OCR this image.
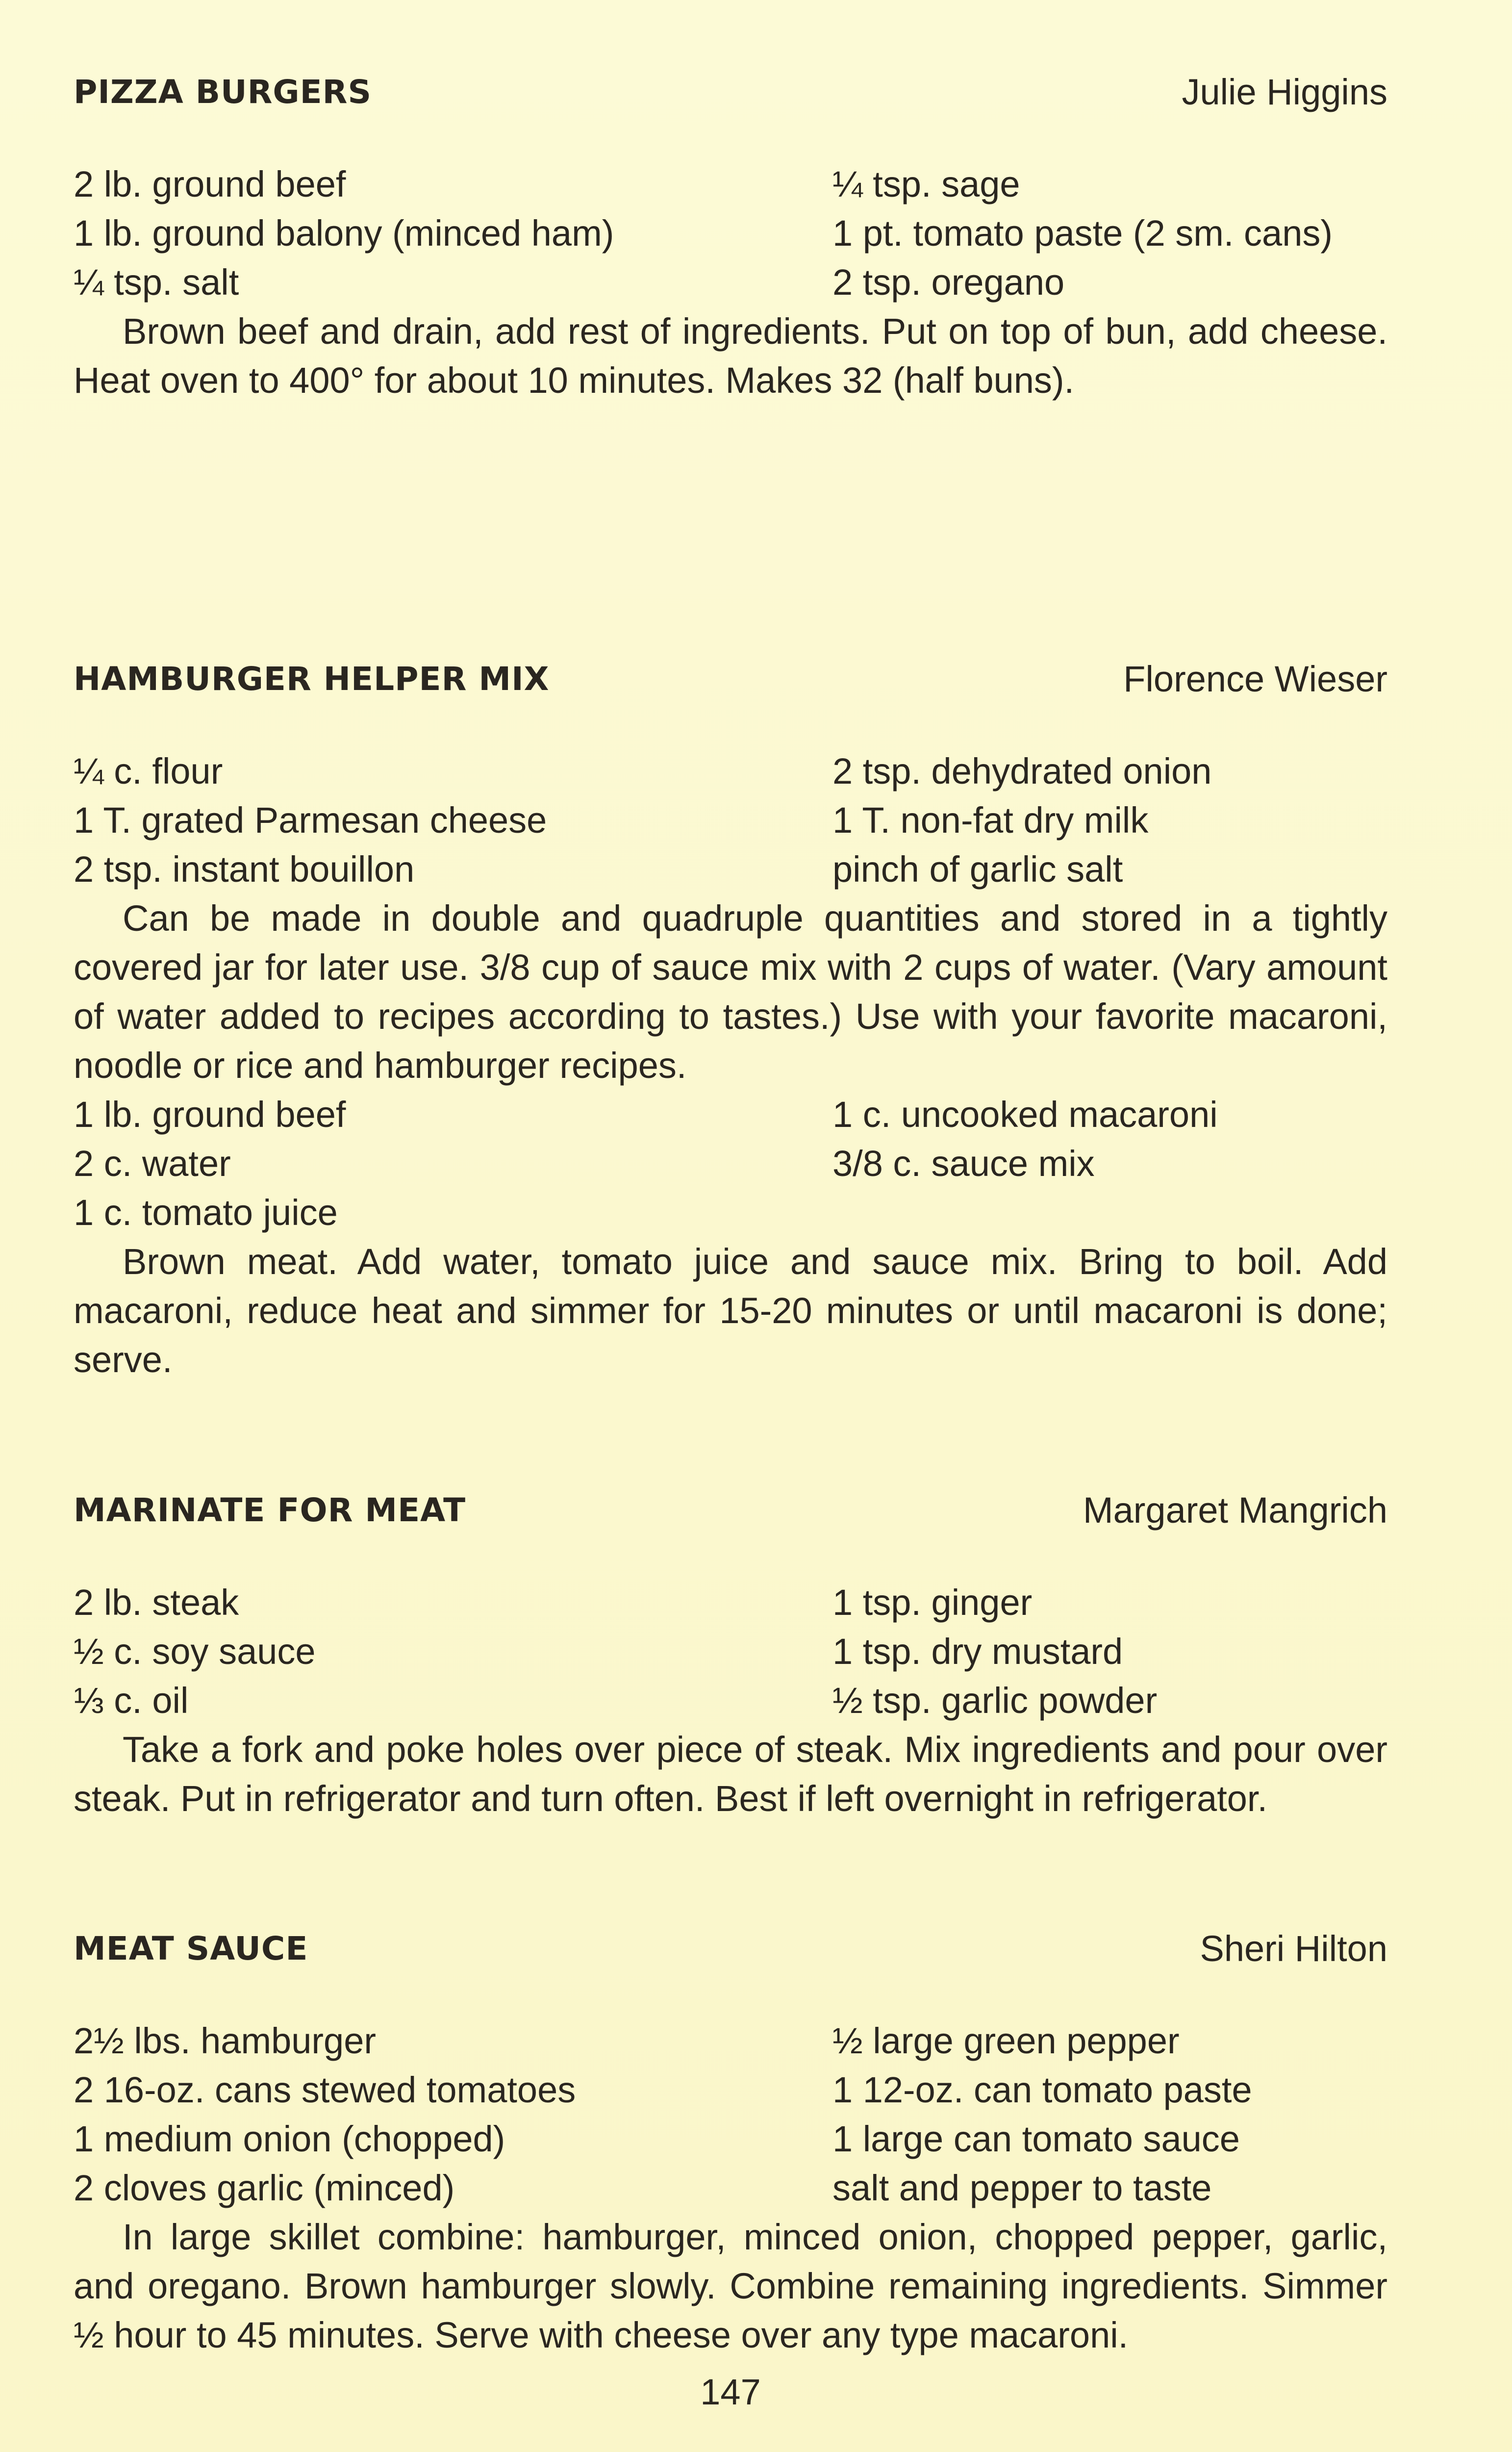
PIZZA BURGERS	Julie Higgins
2 lb. ground beef	¼ tsp. sage
1 lb. ground balony (minced ham)	1 pt. tomato paste (2 sm. cans)
¼ tsp. salt	2 tsp. oregano

Brown beef and drain, add rest of ingredients. Put on top of bun, add cheese. Heat oven to 400° for about 10 minutes. Makes 32 (half buns).

HAMBURGER HELPER MIX	Florence Wieser
¼ c. flour	2 tsp. dehydrated onion
1 T. grated Parmesan cheese	1 T. non-fat dry milk
2 tsp. instant bouillon	pinch of garlic salt

Can be made in double and quadruple quantities and stored in a tightly covered jar for later use. 3/8 cup of sauce mix with 2 cups of water. (Vary amount of water added to recipes according to tastes.) Use with your favorite macaroni, noodle or rice and hamburger recipes.

1 lb. ground beef	1 c. uncooked macaroni
2 c. water	3/8 c. sauce mix
1 c. tomato juice

Brown meat. Add water, tomato juice and sauce mix. Bring to boil. Add macaroni, reduce heat and simmer for 15-20 minutes or until macaroni is done; serve.

MARINATE FOR MEAT	Margaret Mangrich
2 lb. steak	1 tsp. ginger
½ c. soy sauce	1 tsp. dry mustard
⅓ c. oil	½ tsp. garlic powder

Take a fork and poke holes over piece of steak. Mix ingredients and pour over steak. Put in refrigerator and turn often. Best if left overnight in refrigerator.

MEAT SAUCE	Sheri Hilton
2½ lbs. hamburger	½ large green pepper
2 16-oz. cans stewed tomatoes	1 12-oz. can tomato paste
1 medium onion (chopped)	1 large can tomato sauce
2 cloves garlic (minced)	salt and pepper to taste

In large skillet combine: hamburger, minced onion, chopped pepper, garlic, and oregano. Brown hamburger slowly. Combine remaining ingredients. Simmer ½ hour to 45 minutes. Serve with cheese over any type macaroni.

147
